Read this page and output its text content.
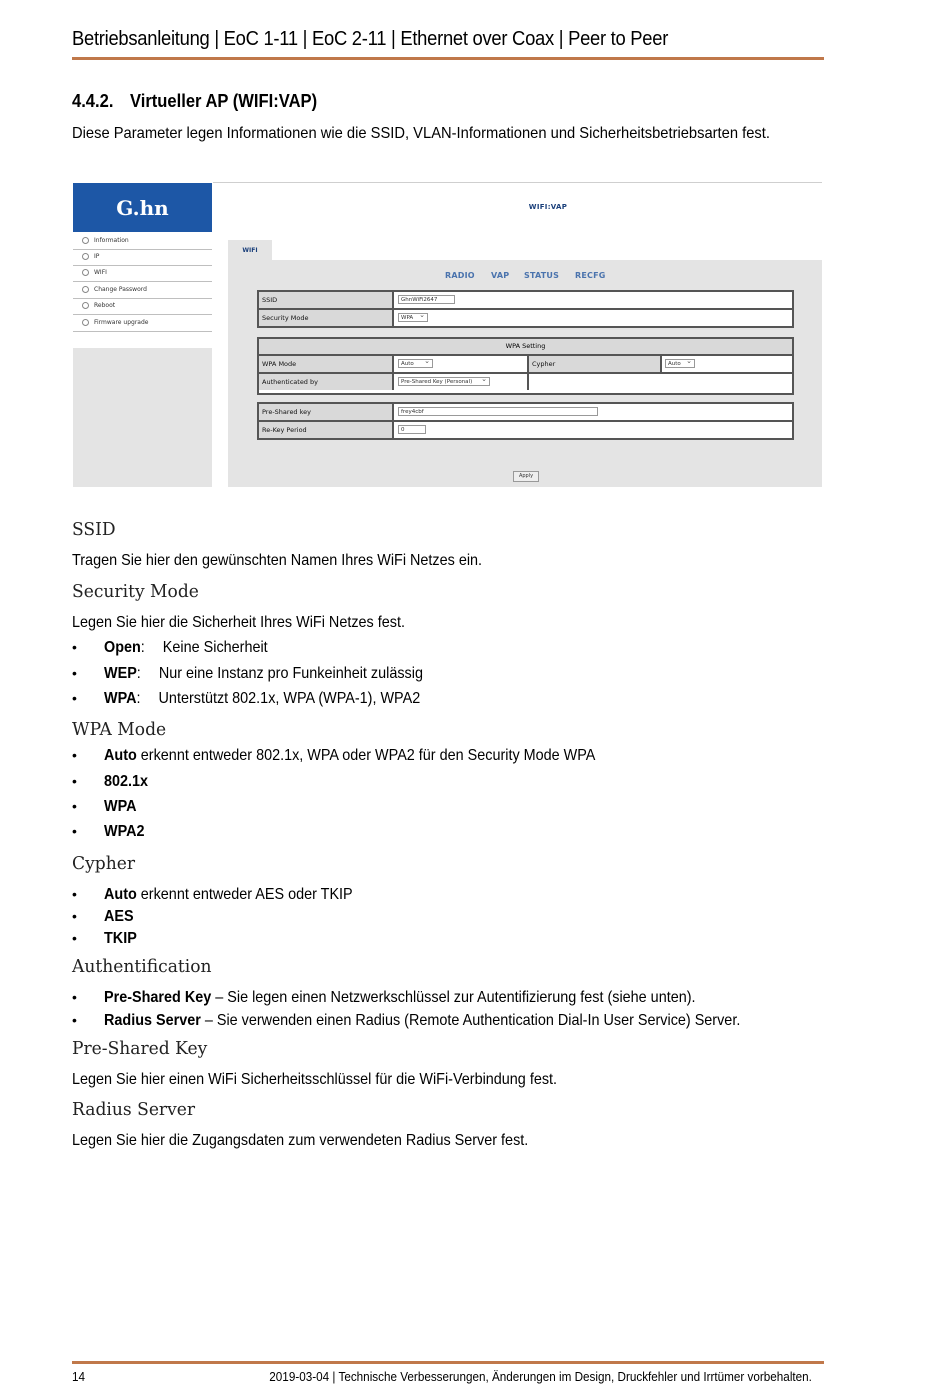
Betriebsanleitung | EoC 1-11 | EoC 2-11 | Ethernet over Coax | Peer to Peer
4.4.2. Virtueller AP (WIFI:VAP)
Diese Parameter legen Informationen wie die SSID, VLAN-Informationen und Sicherheitsbetriebsarten fest.
G.hn
Information
IP
WIFI
Change Password
Reboot
Firmware upgrade
WIFI:VAP
WIFI
RADIO VAP STATUS RECFG
SSID	GhnWiFi2647
Security Mode	WPA ⌄
WPA Setting
WPA Mode	Auto ⌄	Cypher	Auto ⌄
Authenticated by	Pre-Shared Key (Personal) ⌄
Pre-Shared key	frey4cbf
Re-Key Period	0
Apply
SSID
Tragen Sie hier den gewünschten Namen Ihres WiFi Netzes ein.
Security Mode
Legen Sie hier die Sicherheit Ihres WiFi Netzes fest.
• Open: Keine Sicherheit
• WEP: Nur eine Instanz pro Funkeinheit zulässig
• WPA: Unterstützt 802.1x, WPA (WPA-1), WPA2
WPA Mode
• Auto erkennt entweder 802.1x, WPA oder WPA2 für den Security Mode WPA
• 802.1x
• WPA
• WPA2
Cypher
• Auto erkennt entweder AES oder TKIP
• AES
• TKIP
Authentification
• Pre-Shared Key – Sie legen einen Netzwerkschlüssel zur Autentifizierung fest (siehe unten).
• Radius Server – Sie verwenden einen Radius (Remote Authentication Dial-In User Service) Server.
Pre-Shared Key
Legen Sie hier einen WiFi Sicherheitsschlüssel für die WiFi-Verbindung fest.
Radius Server
Legen Sie hier die Zugangsdaten zum verwendeten Radius Server fest.
14	2019-03-04 | Technische Verbesserungen, Änderungen im Design, Druckfehler und Irrtümer vorbehalten.
